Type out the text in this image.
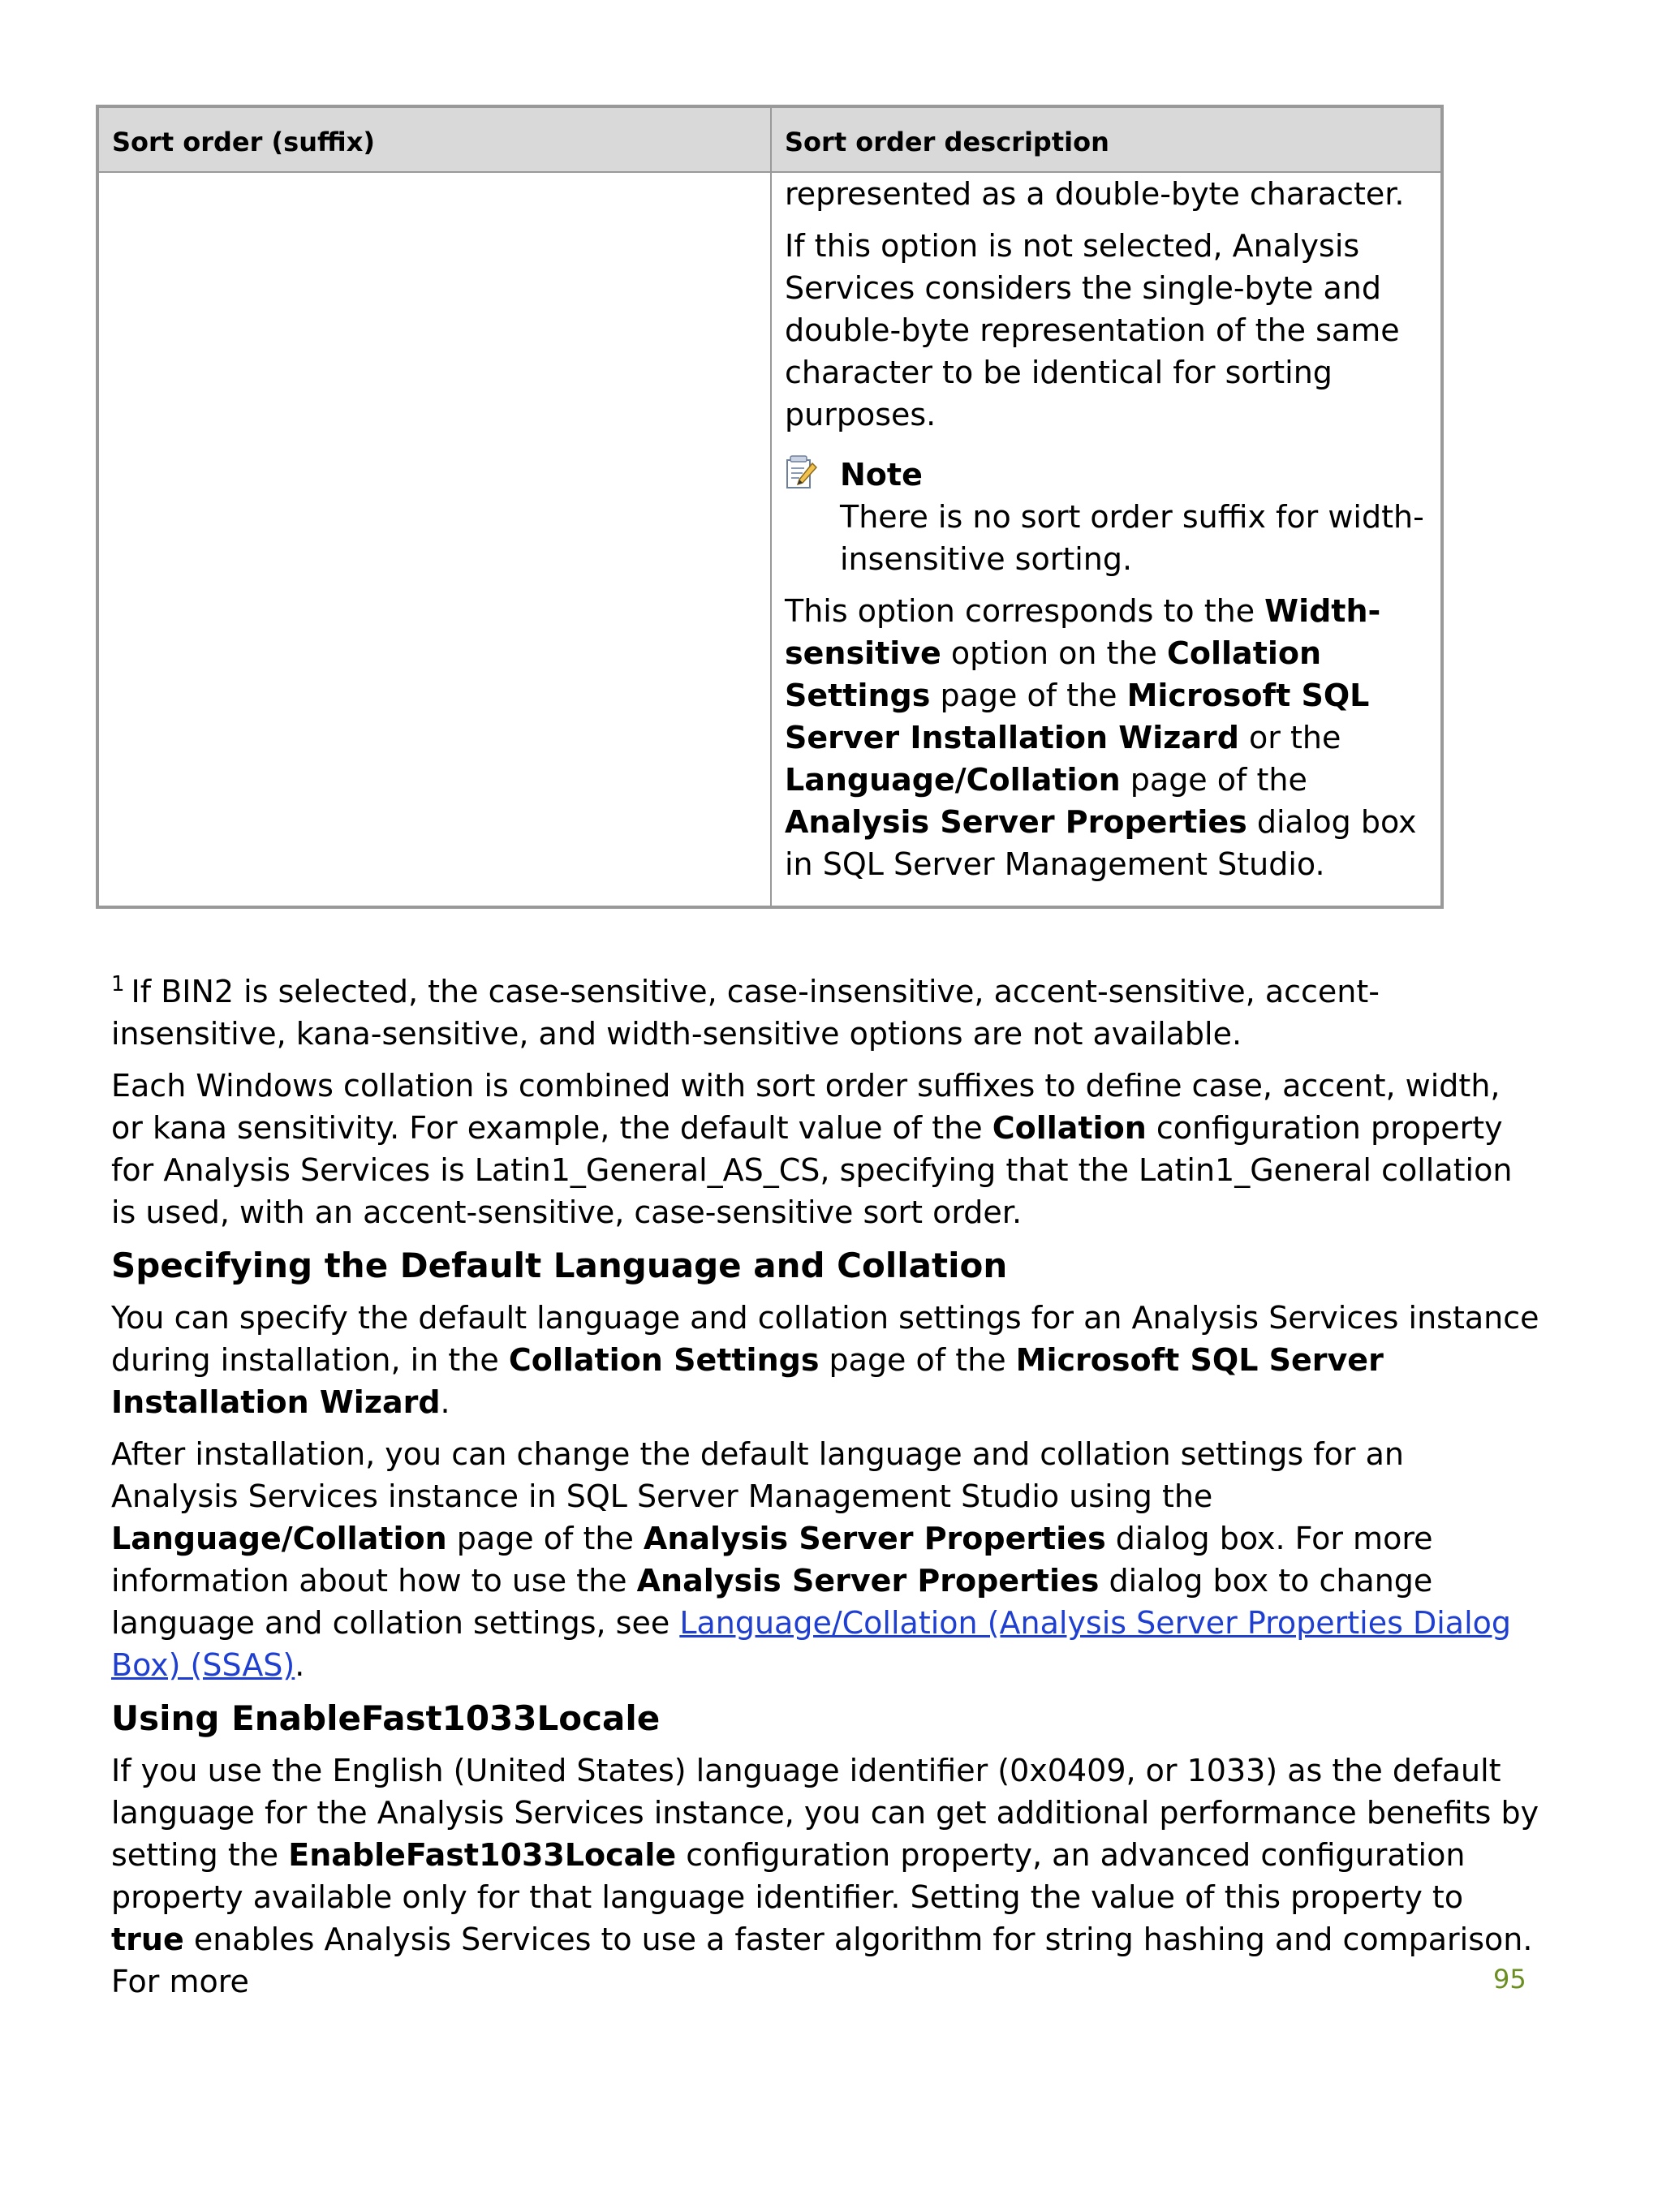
Sort order (suffix)	Sort order description

represented as a double-byte character.

If this option is not selected, Analysis Services considers the single-byte and double-byte representation of the same character to be identical for sorting purposes.

Note
There is no sort order suffix for width-insensitive sorting.

This option corresponds to the Width-sensitive option on the Collation Settings page of the Microsoft SQL Server Installation Wizard or the Language/Collation page of the Analysis Server Properties dialog box in SQL Server Management Studio.

$^1$ If BIN2 is selected, the case-sensitive, case-insensitive, accent-sensitive, accent-insensitive, kana-sensitive, and width-sensitive options are not available.

Each Windows collation is combined with sort order suffixes to define case, accent, width, or kana sensitivity. For example, the default value of the Collation configuration property for Analysis Services is Latin1_General_AS_CS, specifying that the Latin1_General collation is used, with an accent-sensitive, case-sensitive sort order.

Specifying the Default Language and Collation

You can specify the default language and collation settings for an Analysis Services instance during installation, in the Collation Settings page of the Microsoft SQL Server Installation Wizard.

After installation, you can change the default language and collation settings for an Analysis Services instance in SQL Server Management Studio using the Language/Collation page of the Analysis Server Properties dialog box. For more information about how to use the Analysis Server Properties dialog box to change language and collation settings, see Language/Collation (Analysis Server Properties Dialog Box) (SSAS).

Using EnableFast1033Locale

If you use the English (United States) language identifier (0x0409, or 1033) as the default language for the Analysis Services instance, you can get additional performance benefits by setting the EnableFast1033Locale configuration property, an advanced configuration property available only for that language identifier. Setting the value of this property to true enables Analysis Services to use a faster algorithm for string hashing and comparison. For more	95
